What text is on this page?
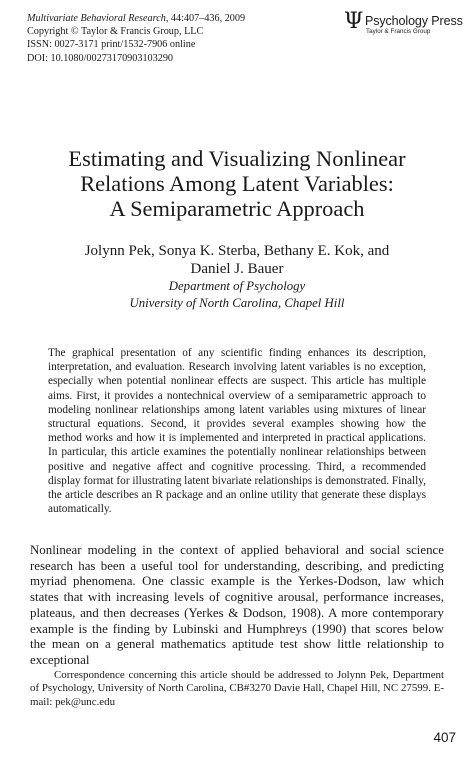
Multivariate Behavioral Research, 44:407–436, 2009
Copyright © Taylor & Francis Group, LLC
ISSN: 0027-3171 print/1532-7906 online
DOI: 10.1080/00273170903103290
Ψ Psychology Press
Taylor & Francis Group
Estimating and Visualizing Nonlinear
Relations Among Latent Variables:
A Semiparametric Approach
Jolynn Pek, Sonya K. Sterba, Bethany E. Kok, and
Daniel J. Bauer
Department of Psychology
University of North Carolina, Chapel Hill

The graphical presentation of any scientific finding enhances its description, interpretation, and evaluation. Research involving latent variables is no exception, especially when potential nonlinear effects are suspect. This article has multiple aims. First, it provides a nontechnical overview of a semiparametric approach to modeling nonlinear relationships among latent variables using mixtures of linear structural equations. Second, it provides several examples showing how the method works and how it is implemented and interpreted in practical applications. In particular, this article examines the potentially nonlinear relationships between positive and negative affect and cognitive processing. Third, a recommended display format for illustrating latent bivariate relationships is demonstrated. Finally, the article describes an R package and an online utility that generate these displays automatically.

Nonlinear modeling in the context of applied behavioral and social science research has been a useful tool for understanding, describing, and predicting myriad phenomena. One classic example is the Yerkes-Dodson, law which states that with increasing levels of cognitive arousal, performance increases, plateaus, and then decreases (Yerkes & Dodson, 1908). A more contemporary example is the finding by Lubinski and Humphreys (1990) that scores below the mean on a general mathematics aptitude test show little relationship to exceptional

Correspondence concerning this article should be addressed to Jolynn Pek, Department of Psychology, University of North Carolina, CB#3270 Davie Hall, Chapel Hill, NC 27599. E-mail: pek@unc.edu

407
